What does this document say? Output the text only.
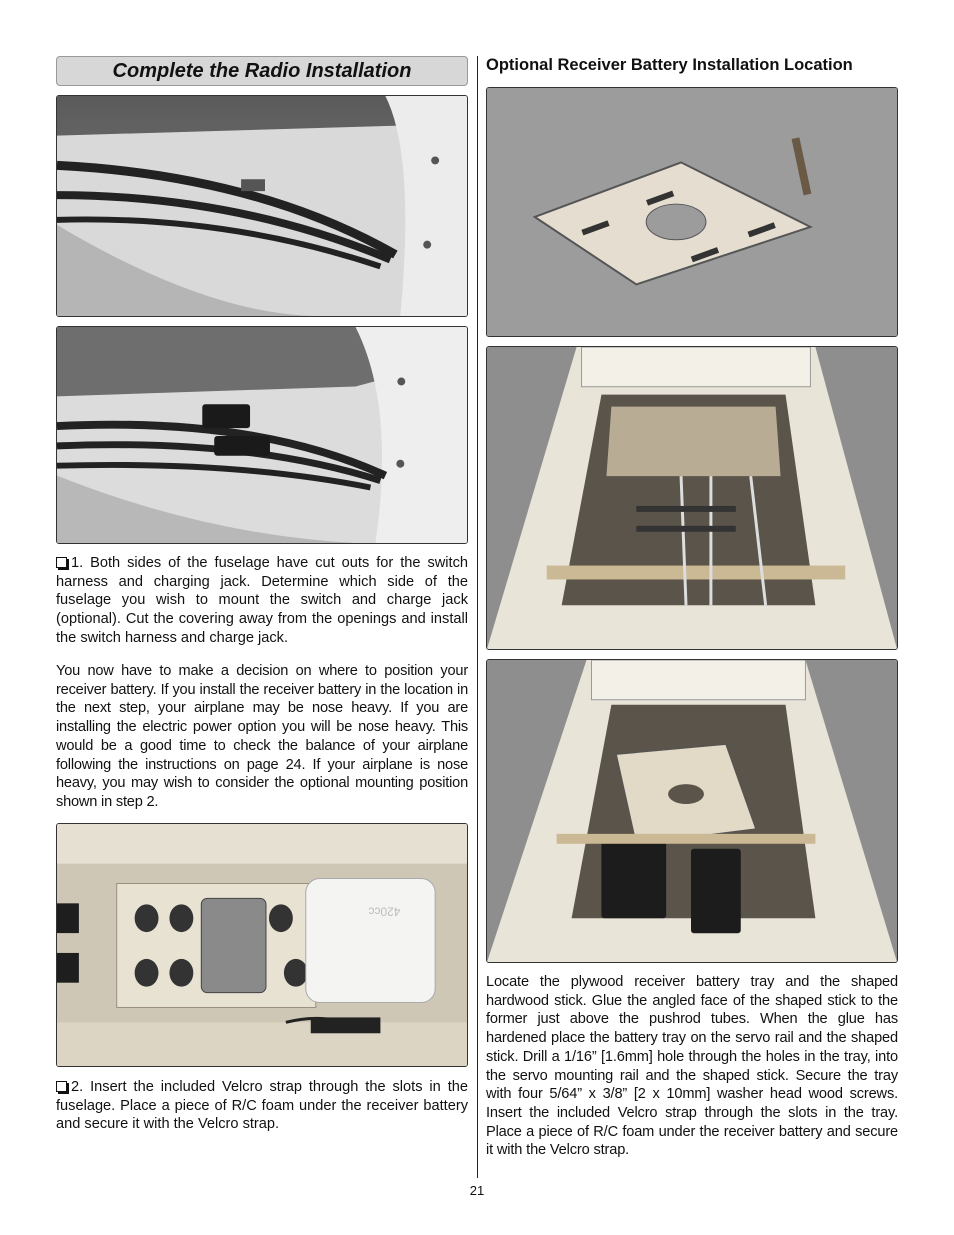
Complete the Radio Installation

1. Both sides of the fuselage have cut outs for the switch harness and charging jack. Determine which side of the fuselage you wish to mount the switch and charge jack (optional). Cut the covering away from the openings and install the switch harness and charge jack.

You now have to make a decision on where to position your receiver battery. If you install the receiver battery in the location in the next step, your airplane may be nose heavy. If you are installing the electric power option you will be nose heavy. This would be a good time to check the balance of your airplane following the instructions on page 24. If your airplane is nose heavy, you may wish to consider the optional mounting position shown in step 2.

420cc

2. Insert the included Velcro strap through the slots in the fuselage. Place a piece of R/C foam under the receiver battery and secure it with the Velcro strap.

Optional Receiver Battery Installation Location

Locate the plywood receiver battery tray and the shaped hardwood stick. Glue the angled face of the shaped stick to the former just above the pushrod tubes. When the glue has hardened place the battery tray on the servo rail and the shaped stick. Drill a 1/16” [1.6mm] hole through the holes in the tray, into the servo mounting rail and the shaped stick. Secure the tray with four 5/64” x 3/8” [2 x 10mm] washer head wood screws. Insert the included Velcro strap through the slots in the tray. Place a piece of R/C foam under the receiver battery and secure it with the Velcro strap.

21
